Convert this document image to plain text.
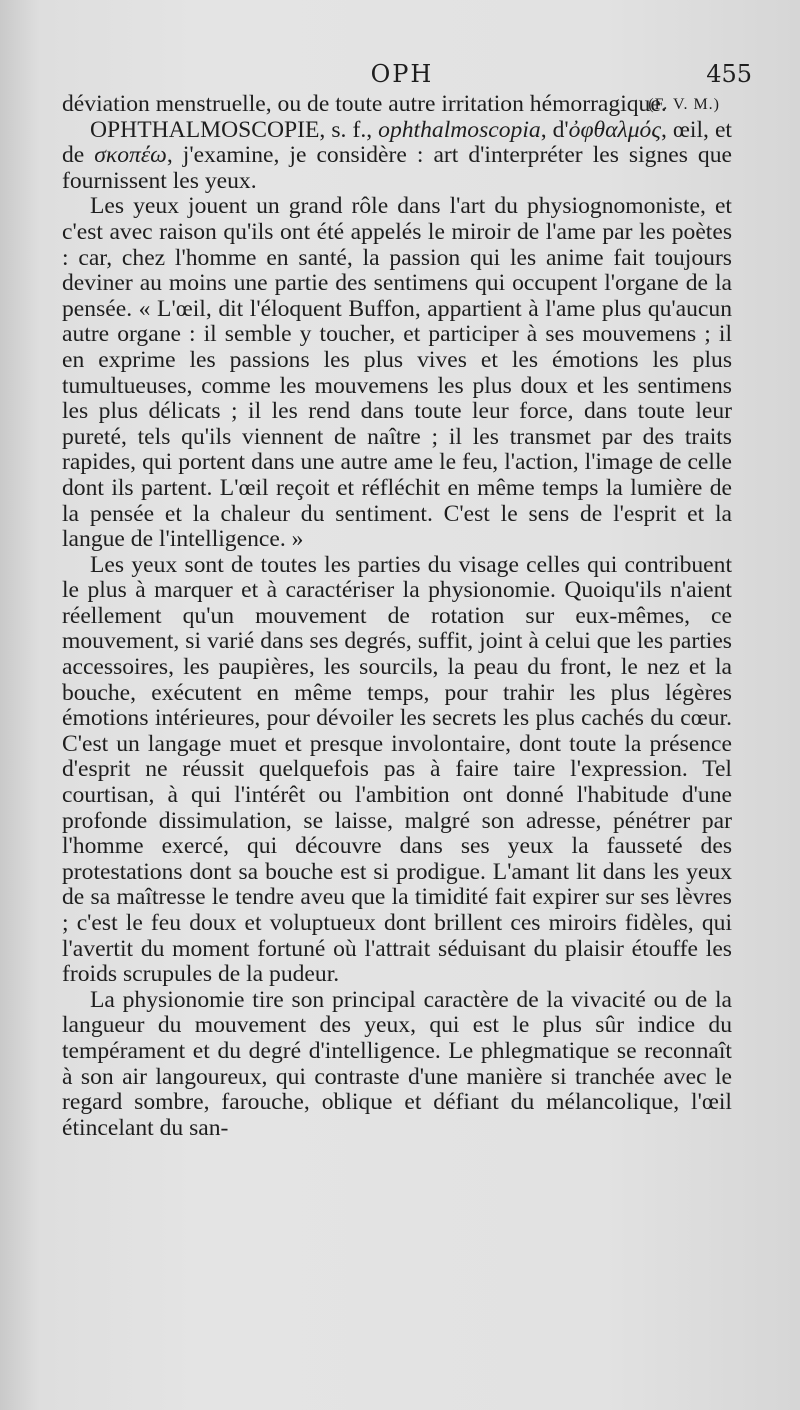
OPH	455

déviation menstruelle, ou de toute autre irritation hémorragique.

(F. V. M.)

OPHTHALMOSCOPIE, s. f., ophthalmoscopia, d'ὀφθαλμός, œil, et de σκοπέω, j'examine, je considère : art d'interpréter les signes que fournissent les yeux.

Les yeux jouent un grand rôle dans l'art du physiognomoniste, et c'est avec raison qu'ils ont été appelés le miroir de l'ame par les poètes : car, chez l'homme en santé, la passion qui les anime fait toujours deviner au moins une partie des sentimens qui occupent l'organe de la pensée. « L'œil, dit l'éloquent Buffon, appartient à l'ame plus qu'aucun autre organe : il semble y toucher, et participer à ses mouvemens ; il en exprime les passions les plus vives et les émotions les plus tumultueuses, comme les mouvemens les plus doux et les sentimens les plus délicats ; il les rend dans toute leur force, dans toute leur pureté, tels qu'ils viennent de naître ; il les transmet par des traits rapides, qui portent dans une autre ame le feu, l'action, l'image de celle dont ils partent. L'œil reçoit et réfléchit en même temps la lumière de la pensée et la chaleur du sentiment. C'est le sens de l'esprit et la langue de l'intelligence. »

Les yeux sont de toutes les parties du visage celles qui contribuent le plus à marquer et à caractériser la physionomie. Quoiqu'ils n'aient réellement qu'un mouvement de rotation sur eux-mêmes, ce mouvement, si varié dans ses degrés, suffit, joint à celui que les parties accessoires, les paupières, les sourcils, la peau du front, le nez et la bouche, exécutent en même temps, pour trahir les plus légères émotions intérieures, pour dévoiler les secrets les plus cachés du cœur. C'est un langage muet et presque involontaire, dont toute la présence d'esprit ne réussit quelquefois pas à faire taire l'expression. Tel courtisan, à qui l'intérêt ou l'ambition ont donné l'habitude d'une profonde dissimulation, se laisse, malgré son adresse, pénétrer par l'homme exercé, qui découvre dans ses yeux la fausseté des protestations dont sa bouche est si prodigue. L'amant lit dans les yeux de sa maîtresse le tendre aveu que la timidité fait expirer sur ses lèvres ; c'est le feu doux et voluptueux dont brillent ces miroirs fidèles, qui l'avertit du moment fortuné où l'attrait séduisant du plaisir étouffe les froids scrupules de la pudeur.

La physionomie tire son principal caractère de la vivacité ou de la langueur du mouvement des yeux, qui est le plus sûr indice du tempérament et du degré d'intelligence. Le phlegmatique se reconnaît à son air langoureux, qui contraste d'une manière si tranchée avec le regard sombre, farouche, oblique et défiant du mélancolique, l'œil étincelant du san-
